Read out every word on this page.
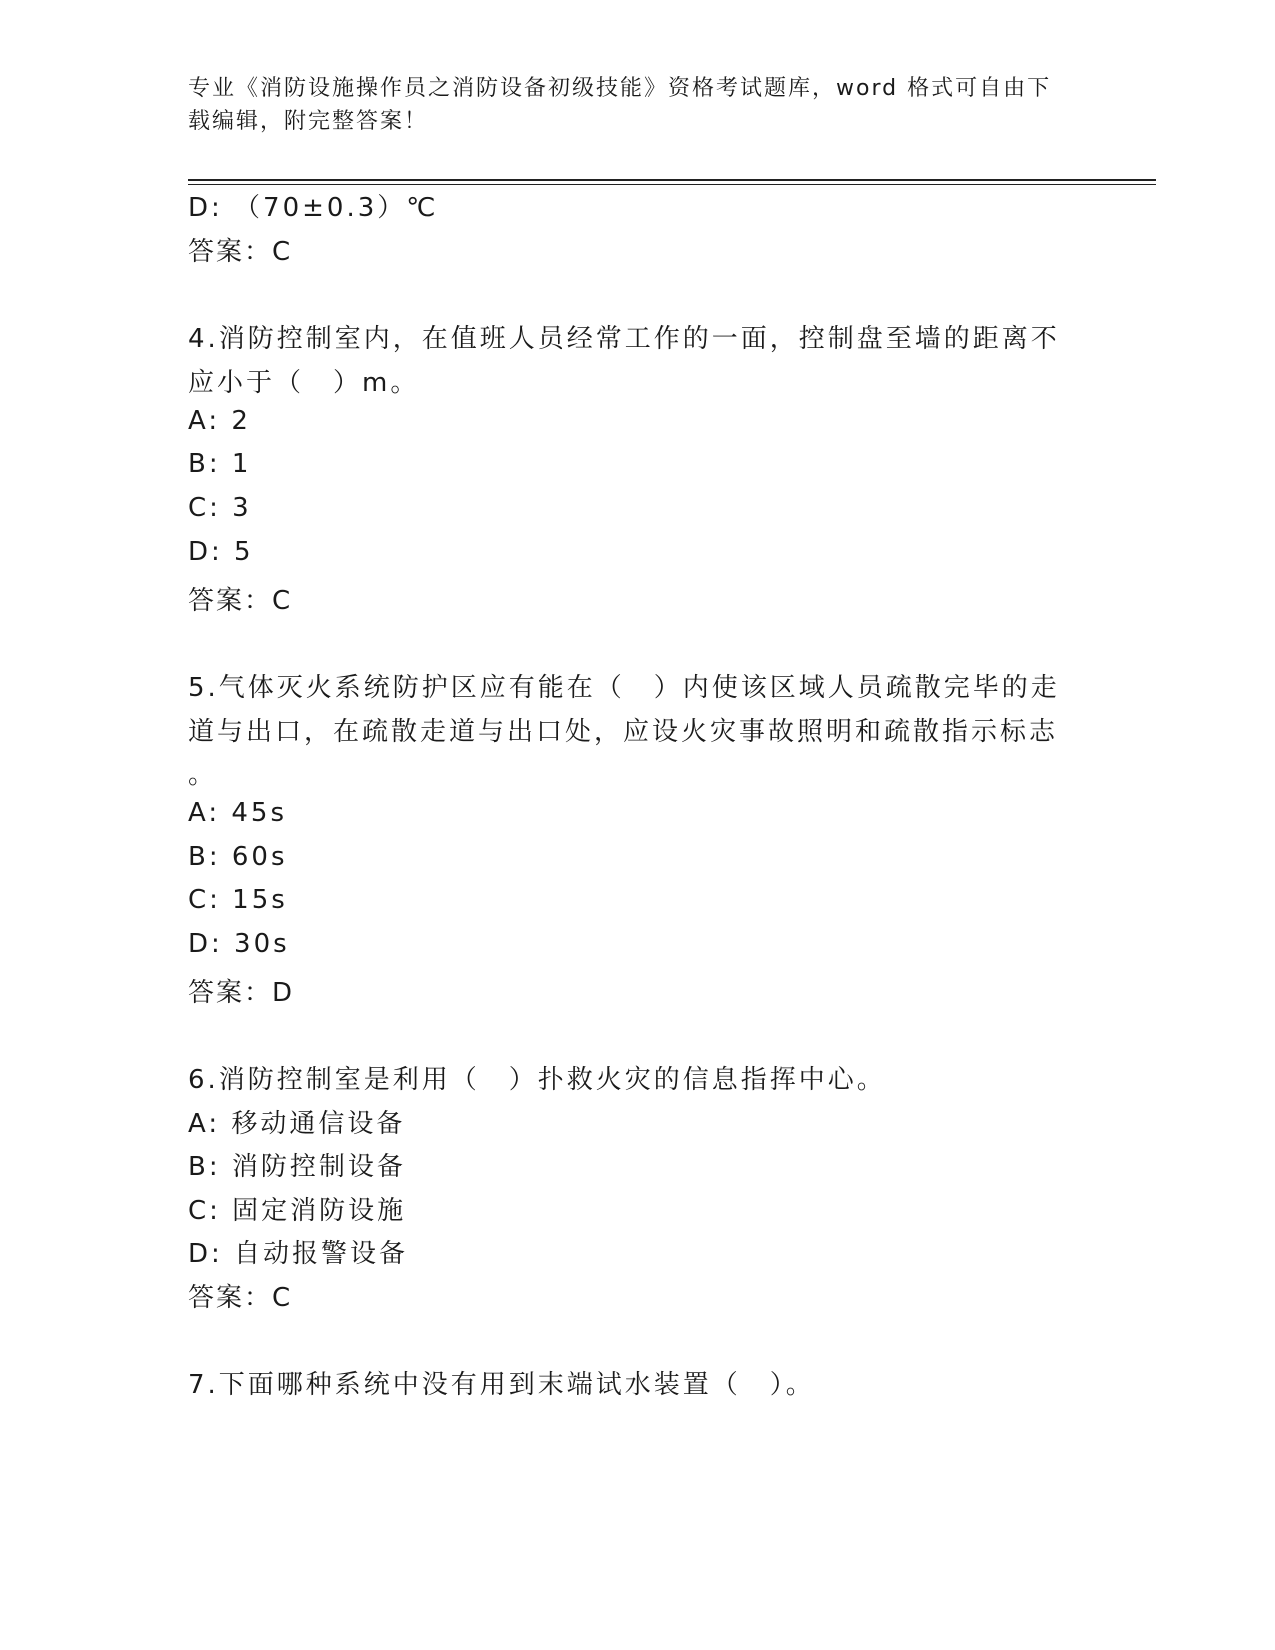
专业《消防设施操作员之消防设备初级技能》资格考试题库，word 格式可自由下
载编辑，附完整答案！
D: （70±0.3）℃
答案：C
4.消防控制室内，在值班人员经常工作的一面，控制盘至墙的距离不
应小于（　）m。
A: 2
B: 1
C: 3
D: 5
答案：C
5.气体灭火系统防护区应有能在（　）内使该区域人员疏散完毕的走
道与出口，在疏散走道与出口处，应设火灾事故照明和疏散指示标志
。
A: 45s
B: 60s
C: 15s
D: 30s
答案：D
6.消防控制室是利用（　）扑救火灾的信息指挥中心。
A: 移动通信设备
B: 消防控制设备
C: 固定消防设施
D: 自动报警设备
答案：C
7.下面哪种系统中没有用到末端试水装置（　）。
